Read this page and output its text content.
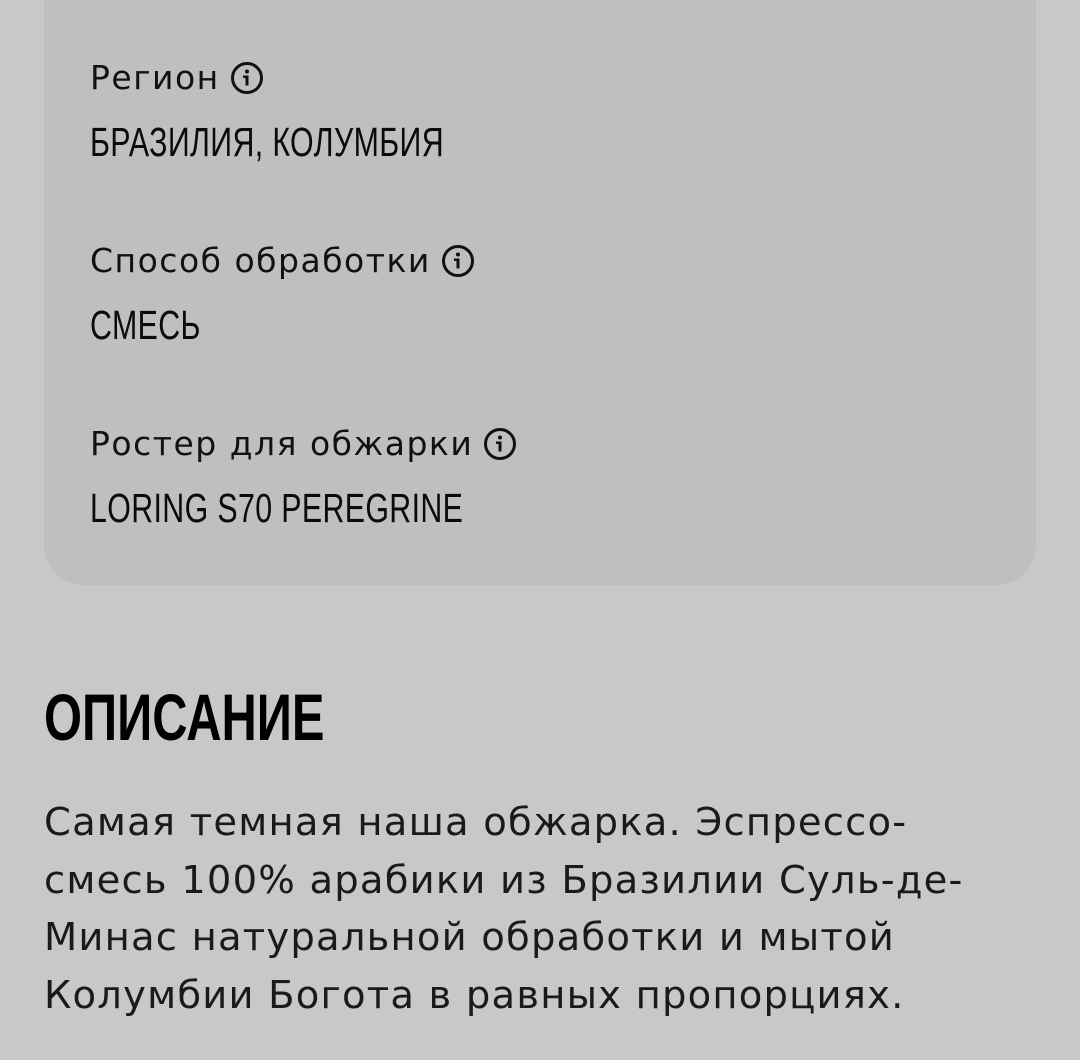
Регион
БРАЗИЛИЯ, КОЛУМБИЯ
Способ обработки
СМЕСЬ
Ростер для обжарки
LORING S70 PEREGRINE
ОПИСАНИЕ

Самая темная наша обжарка. Эспрессо-
смесь 100% арабики из Бразилии Суль-де-
Минас натуральной обработки и мытой
Колумбии Богота в равных пропорциях.
